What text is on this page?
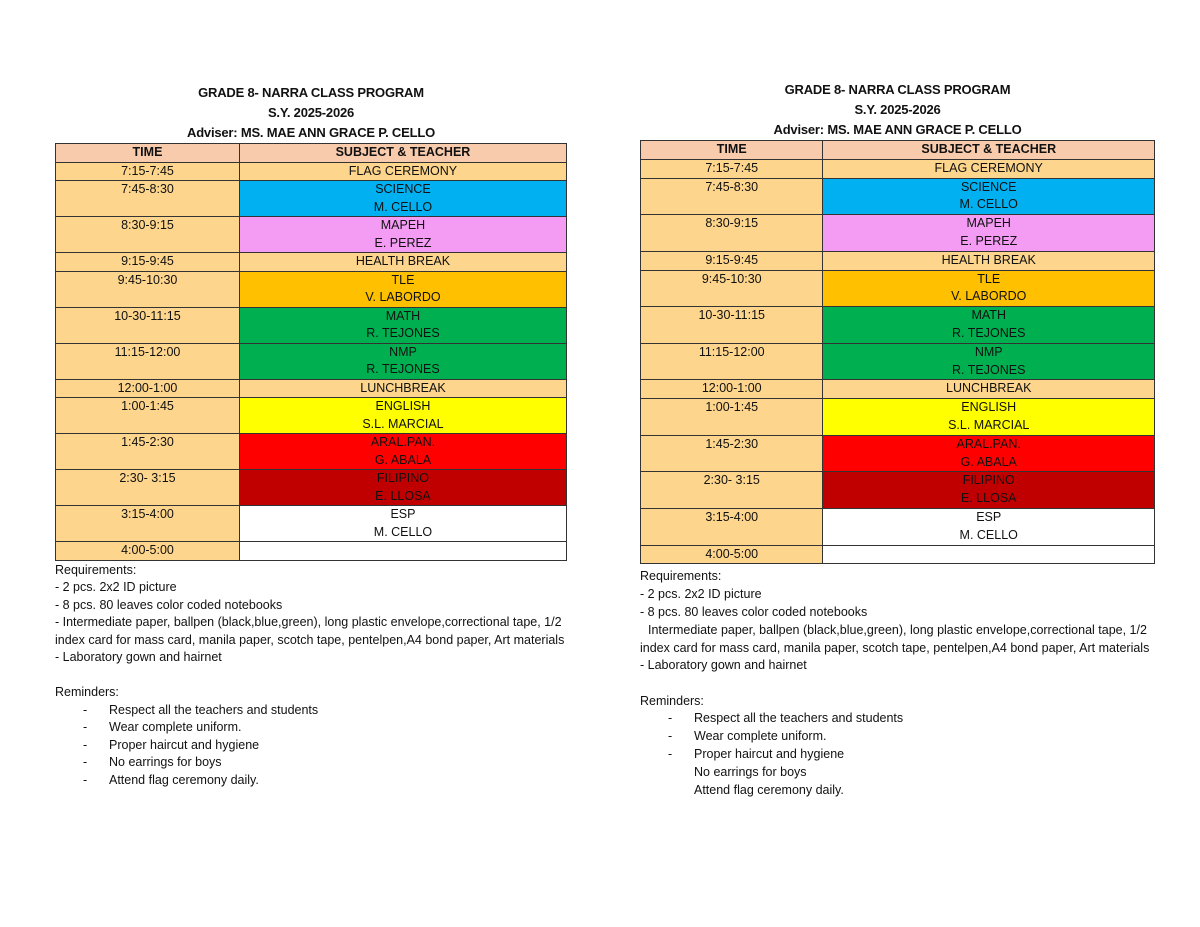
GRADE 8- NARRA CLASS PROGRAM
S.Y. 2025-2026
Adviser: MS. MAE ANN GRACE P. CELLO
TIME	SUBJECT & TEACHER
7:15-7:45	FLAG CEREMONY

7:45-8:30	SCIENCE
M. CELLO

8:30-9:15	MAPEH
E. PEREZ

9:15-9:45	HEALTH BREAK

9:45-10:30	TLE
V. LABORDO

10-30-11:15	MATH
R. TEJONES

11:15-12:00	NMP
R. TEJONES

12:00-1:00	LUNCHBREAK

1:00-1:45	ENGLISH
S.L. MARCIAL

1:45-2:30	ARAL.PAN.
G. ABALA

2:30- 3:15	FILIPINO
E. LLOSA

3:15-4:00	ESP
M. CELLO

4:00-5:00	

Requirements:

- 2 pcs. 2x2 ID picture

- 8 pcs. 80 leaves color coded notebooks

- Intermediate paper, ballpen (black,blue,green), long plastic envelope,correctional tape, 1/2 index card for mass card, manila paper, scotch tape, pentelpen,A4 bond paper, Art materials

- Laboratory gown and hairnet

Reminders:

- Respect all the teachers and students

- Wear complete uniform.

- Proper haircut and hygiene

- No earrings for boys

- Attend flag ceremony daily.

GRADE 8- NARRA CLASS PROGRAM
S.Y. 2025-2026
Adviser: MS. MAE ANN GRACE P. CELLO
TIME	SUBJECT & TEACHER
7:15-7:45	FLAG CEREMONY

7:45-8:30	SCIENCE
M. CELLO

8:30-9:15	MAPEH
E. PEREZ

9:15-9:45	HEALTH BREAK

9:45-10:30	TLE
V. LABORDO

10-30-11:15	MATH
R. TEJONES

11:15-12:00	NMP
R. TEJONES

12:00-1:00	LUNCHBREAK

1:00-1:45	ENGLISH
S.L. MARCIAL

1:45-2:30	ARAL.PAN.
G. ABALA

2:30- 3:15	FILIPINO
E. LLOSA

3:15-4:00	ESP
M. CELLO

4:00-5:00	

Requirements:

- 2 pcs. 2x2 ID picture

- 8 pcs. 80 leaves color coded notebooks

Intermediate paper, ballpen (black,blue,green), long plastic envelope,correctional tape, 1/2 index card for mass card, manila paper, scotch tape, pentelpen,A4 bond paper, Art materials

- Laboratory gown and hairnet

Reminders:

- Respect all the teachers and students

- Wear complete uniform.

- Proper haircut and hygiene

No earrings for boys

Attend flag ceremony daily.
